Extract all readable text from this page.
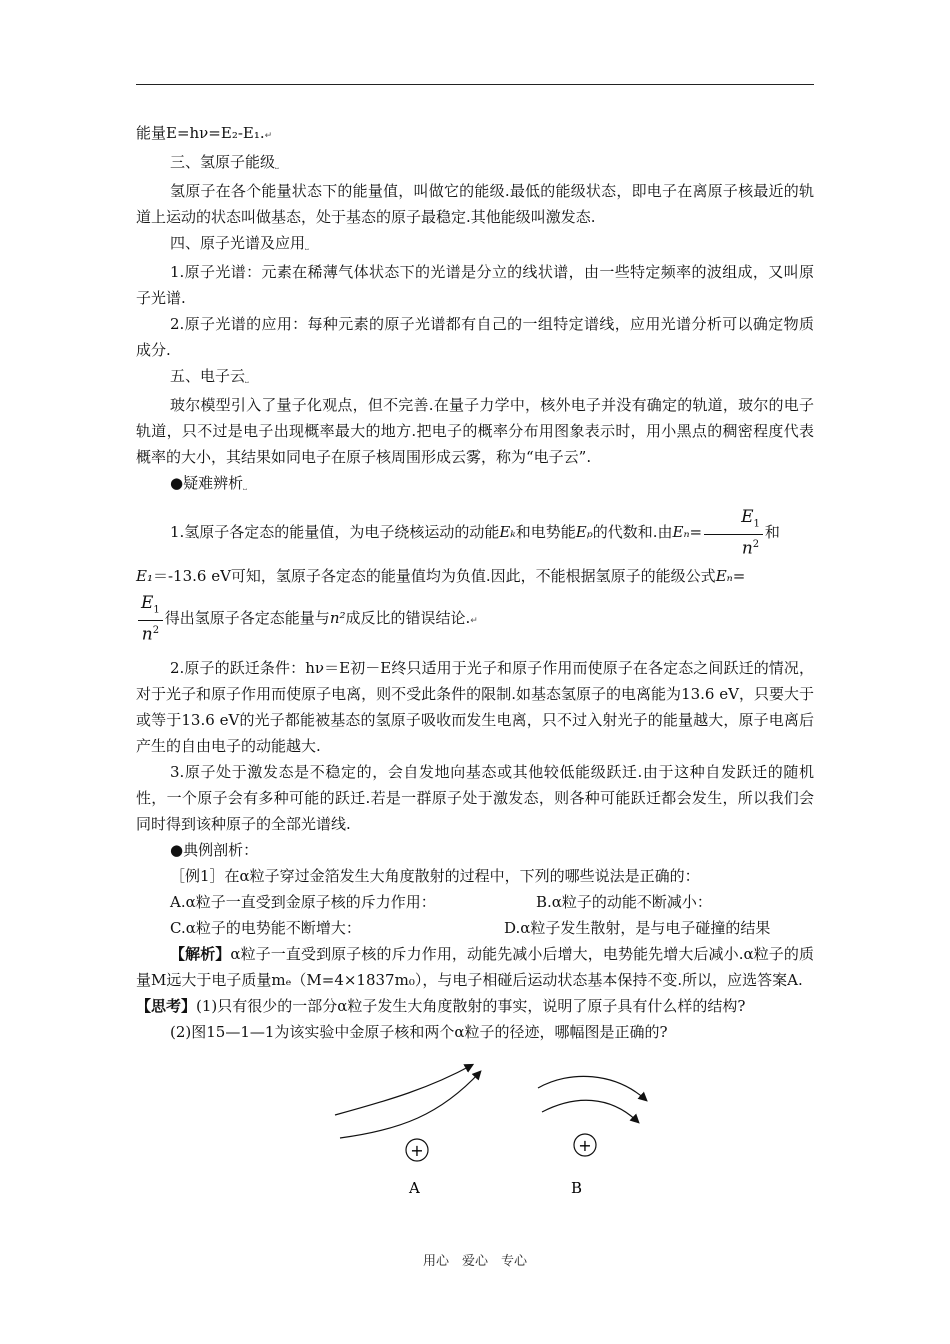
能量E=hν=E₂-E₁.↵

三、氢原子能级⎵

氢原子在各个能量状态下的能量值，叫做它的能级.最低的能级状态，即电子在离原子核最近的轨道上运动的状态叫做基态，处于基态的原子最稳定.其他能级叫激发态.

四、原子光谱及应用⎵

1.原子光谱：元素在稀薄气体状态下的光谱是分立的线状谱，由一些特定频率的波组成，又叫原子光谱.

2.原子光谱的应用：每种元素的原子光谱都有自己的一组特定谱线，应用光谱分析可以确定物质成分.

五、电子云⎵

玻尔模型引入了量子化观点，但不完善.在量子力学中，核外电子并没有确定的轨道，玻尔的电子轨道，只不过是电子出现概率最大的地方.把电子的概率分布用图象表示时，用小黑点的稠密程度代表概率的大小，其结果如同电子在原子核周围形成云雾，称为“电子云”.

●疑难辨析⎵

1.氢原子各定态的能量值，为电子绕核运动的动能Eₖ和电势能Eₚ的代数和.由$E_n= \frac{E_1}{n^2}$ 和
E₁＝-13.6 eV可知，氢原子各定态的能量值均为负值.因此，不能根据氢原子的能级公式Eₙ=

$\frac{E_1}{n^2}$ 得出氢原子各定态能量与n²成反比的错误结论.↵

2.原子的跃迁条件：hν＝E初－E终只适用于光子和原子作用而使原子在各定态之间跃迁的情况，对于光子和原子作用而使原子电离，则不受此条件的限制.如基态氢原子的电离能为13.6 eV，只要大于或等于13.6 eV的光子都能被基态的氢原子吸收而发生电离，只不过入射光子的能量越大，原子电离后产生的自由电子的动能越大.

3.原子处于激发态是不稳定的，会自发地向基态或其他较低能级跃迁.由于这种自发跃迁的随机性，一个原子会有多种可能的跃迁.若是一群原子处于激发态，则各种可能跃迁都会发生，所以我们会同时得到该种原子的全部光谱线.

●典例剖析：

［例1］在α粒子穿过金箔发生大角度散射的过程中，下列的哪些说法是正确的：

A.α粒子一直受到金原子核的斥力作用：	B.α粒子的动能不断减小：
C.α粒子的电势能不断增大：	D.α粒子发生散射，是与电子碰撞的结果

【解析】α粒子一直受到原子核的斥力作用，动能先减小后增大，电势能先增大后减小.α粒子的质量M远大于电子质量mₑ（M=4×1837m₀），与电子相碰后运动状态基本保持不变.所以，应选答案A.

【思考】(1)只有很少的一部分α粒子发生大角度散射的事实，说明了原子具有什么样的结构?

(2)图15—1—1为该实验中金原子核和两个α粒子的径迹，哪幅图是正确的?

+
A
+
B
用心　爱心　专心
